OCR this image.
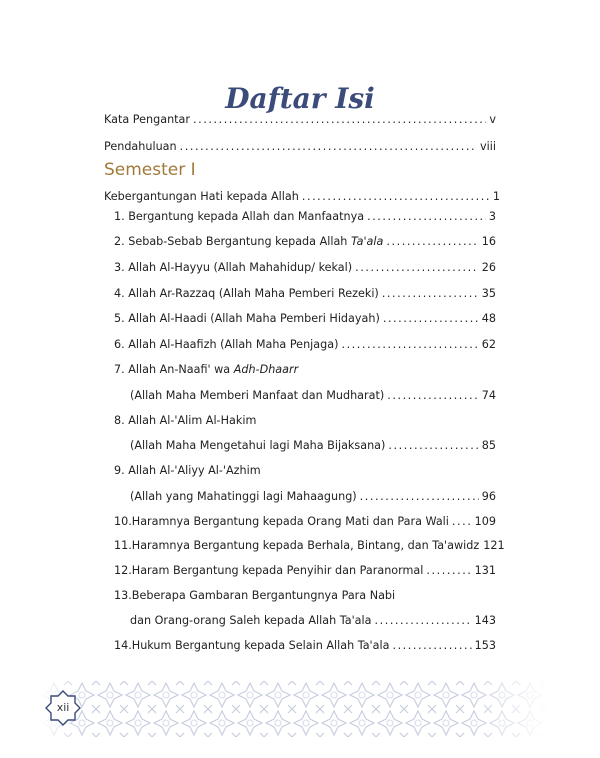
Daftar Isi
Kata Pengantar . . .	v
Pendahuluan . . .	viii
Semester I
Kebergantungan Hati kepada Allah . . .	1
1. Bergantung kepada Allah dan Manfaatnya . . .	3
2. Sebab-Sebab Bergantung kepada Allah Ta'ala . . .	16
3. Allah Al-Hayyu (Allah Mahahidup/ kekal) . . .	26
4. Allah Ar-Razzaq (Allah Maha Pemberi Rezeki) . . .	35
5. Allah Al-Haadi (Allah Maha Pemberi Hidayah) . . .	48
6. Allah Al-Haafizh (Allah Maha Penjaga) . . .	62
7. Allah An-Naafi' wa Adh-Dhaarr
(Allah Maha Memberi Manfaat dan Mudharat) . . .	74
8. Allah Al-'Alim Al-Hakim
(Allah Maha Mengetahui lagi Maha Bijaksana) . . .	85
9. Allah Al-'Aliyy Al-'Azhim
(Allah yang Mahatinggi lagi Mahaagung) . . .	96
10.Haramnya Bergantung kepada Orang Mati dan Para Wali . . . 109
11.Haramnya Bergantung kepada Berhala, Bintang, dan Ta'awidz 121
12.Haram Bergantung kepada Penyihir dan Paranormal . . .	131
13.Beberapa Gambaran Bergantungnya Para Nabi
dan Orang-orang Saleh kepada Allah Ta'ala . . .	143
14.Hukum Bergantung kepada Selain Allah Ta'ala . . .	153
xii
